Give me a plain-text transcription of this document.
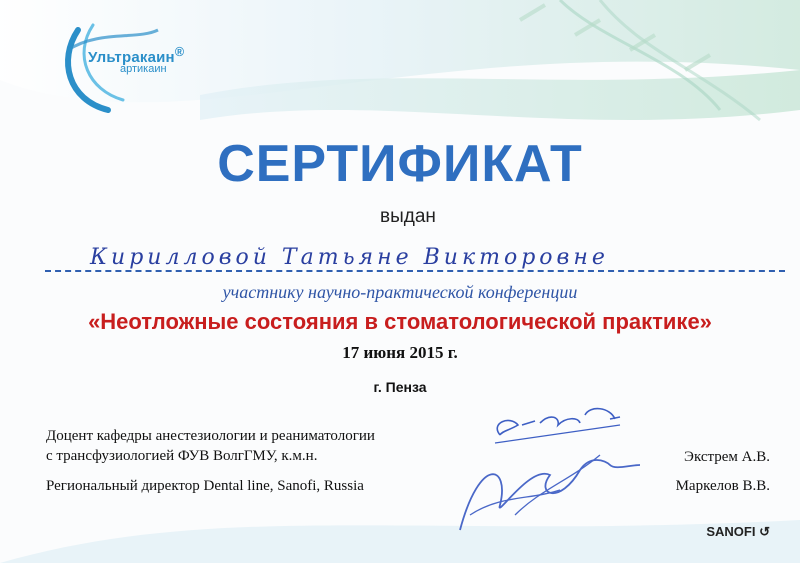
Ультракаин®
артикаин
СЕРТИФИКАТ
выдан
Кирилловой Татьяне Викторовне
участнику научно-практической конференции
«Неотложные состояния в стоматологической практике»
17 июня 2015 г.
г. Пенза
Доцент кафедры анестезиологии и реаниматологии
с трансфузиологией ФУВ ВолгГМУ, к.м.н.
Региональный директор Dental line, Sanofi, Russia
Экстрем А.В.
Маркелов В.В.
SANOFI ↺
